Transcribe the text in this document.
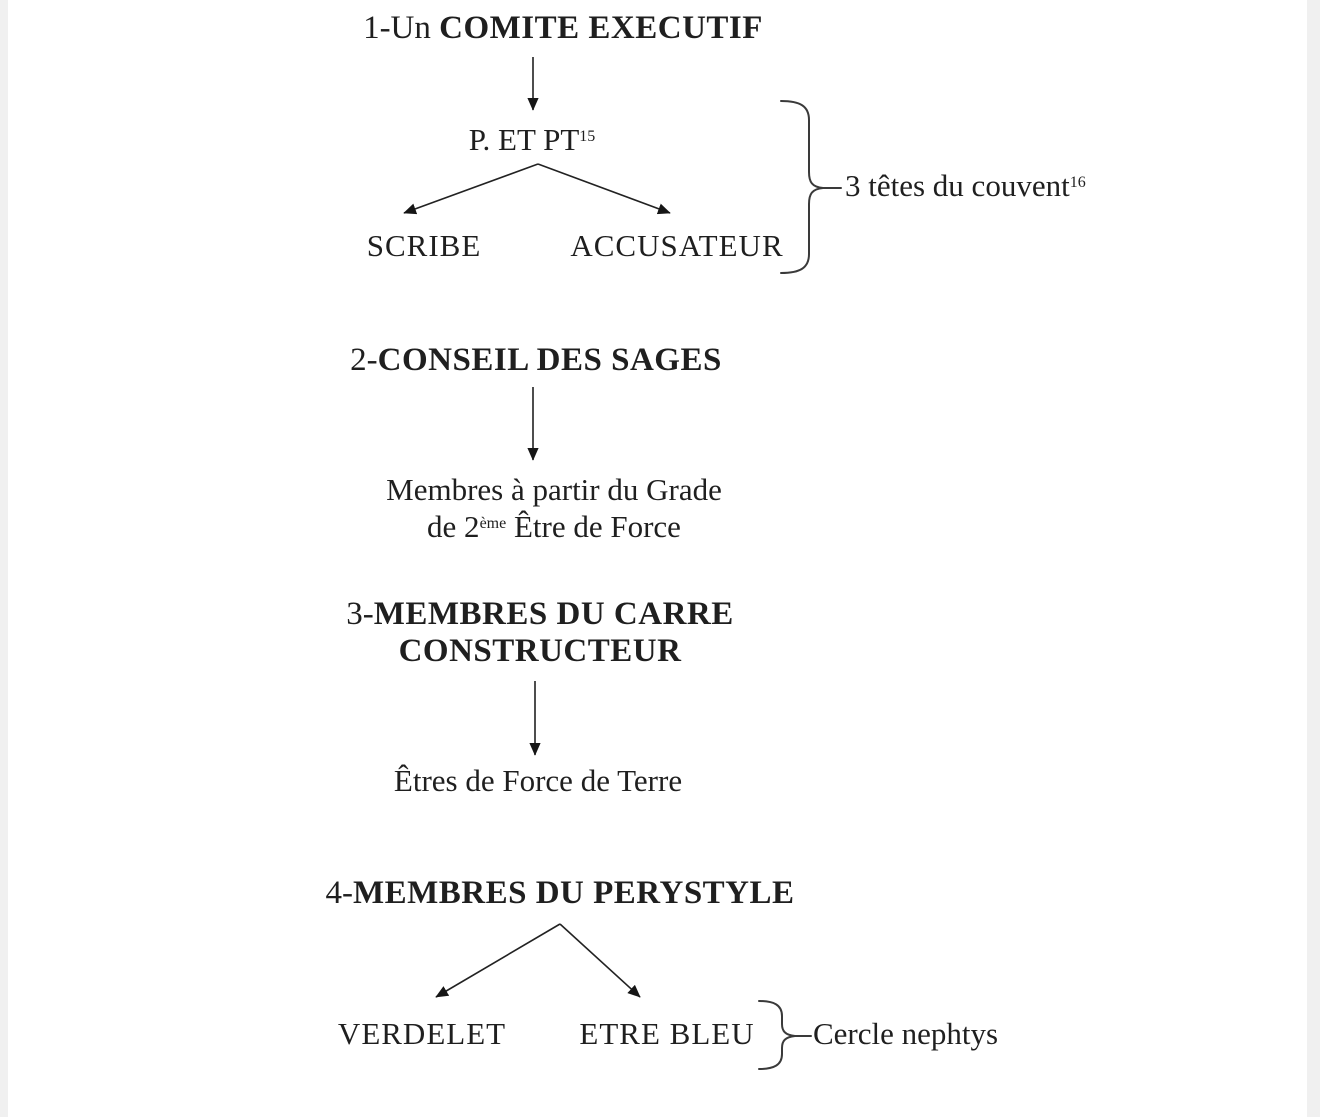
1-Un COMITE EXECUTIF
P. ET PT$^{15}$
SCRIBE	ACCUSATEUR
3 têtes du couvent$^{16}$
2-CONSEIL DES SAGES
Membres à partir du Grade
de 2ème Être de Force
3-MEMBRES DU CARRE
CONSTRUCTEUR
Êtres de Force de Terre
4-MEMBRES DU PERYSTYLE
VERDELET ETRE BLEU Cercle nephtys
